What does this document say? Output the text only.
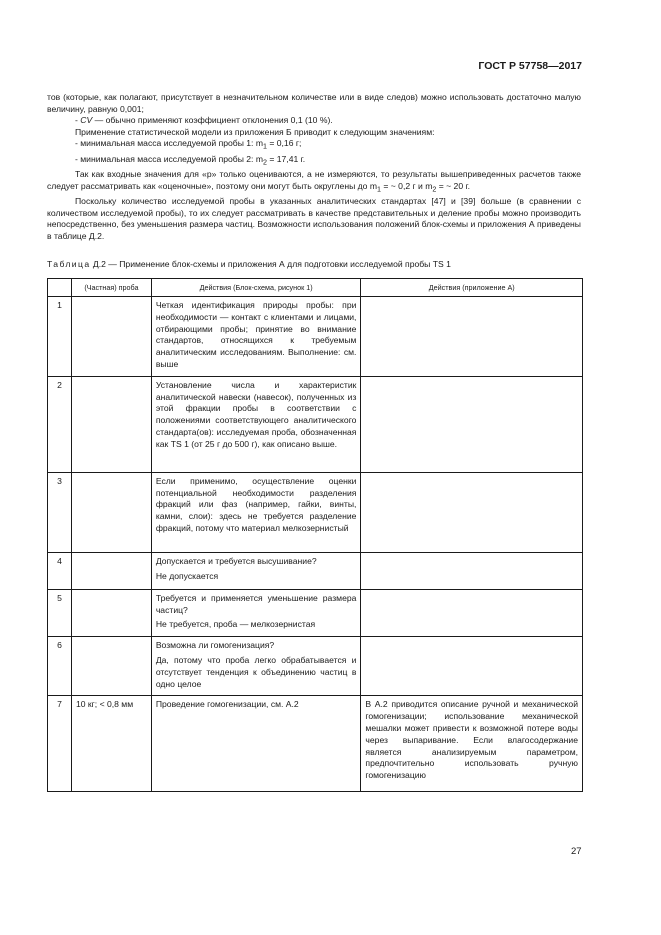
ГОСТ Р 57758—2017

тов (которые, как полагают, присутствует в незначительном количестве или в виде следов) можно использовать достаточно малую величину, равную 0,001;

- CV — обычно применяют коэффициент отклонения 0,1 (10 %).

Применение статистической модели из приложения Б приводит к следующим значениям:

- минимальная масса исследуемой пробы 1: $m_1 = 0,16$ г;

- минимальная масса исследуемой пробы 2: $m_2 = 17,41$ г.

Так как входные значения для «р» только оцениваются, а не измеряются, то результаты вышеприведенных расчетов также следует рассматривать как «оценочные», поэтому они могут быть округлены до $m_1$ = ~ 0,2 г и $m_2$ = ~ 20 г.

Поскольку количество исследуемой пробы в указанных аналитических стандартах [47] и [39] больше (в сравнении с количеством исследуемой пробы), то их следует рассматривать в качестве представительных и деление пробы можно производить непосредственно, без уменьшения размера частиц. Возможности использования положений блок-схемы и приложения А приведены в таблице Д.2.

Таблица Д.2 — Применение блок-схемы и приложения А для подготовки исследуемой пробы TS 1
	(Частная) проба	Действия (Блок-схема, рисунок 1)	Действия (приложение А)
1		Четкая идентификация природы пробы: при необходимости — контакт с клиентами и лицами, отбирающими пробы; принятие во внимание стандартов, относящихся к требуемым аналитическим исследованиям. Выполнение: см. выше	

2		Установление числа и характеристик аналитической навески (навесок), полученных из этой фракции пробы в соответствии с положениями соответствующего аналитического стандарта(ов): исследуемая проба, обозначенная как TS 1 (от 25 г до 500 г), как описано выше.	

3		Если применимо, осуществление оценки потенциальной необходимости разделения фракций или фаз (например, гайки, винты, камни, слои): здесь не требуется разделение фракций, потому что материал мелкозернистый	

4		Допускается и требуется высушивание?
Не допускается	

5		Требуется и применяется уменьшение размера частиц?
Не требуется, проба — мелкозернистая	

6		Возможна ли гомогенизация?
Да, потому что проба легко обрабатывается и отсутствует тенденция к объединению частиц в одно целое	

7	10 кг; < 0,8 мм	Проведение гомогенизации, см. А.2	В А.2 приводится описание ручной и механической гомогенизации; использование механической мешалки может привести к возможной потере воды через выпаривание. Если влагосодержание является анализируемым параметром, предпочтительно использовать ручную гомогенизацию
27
